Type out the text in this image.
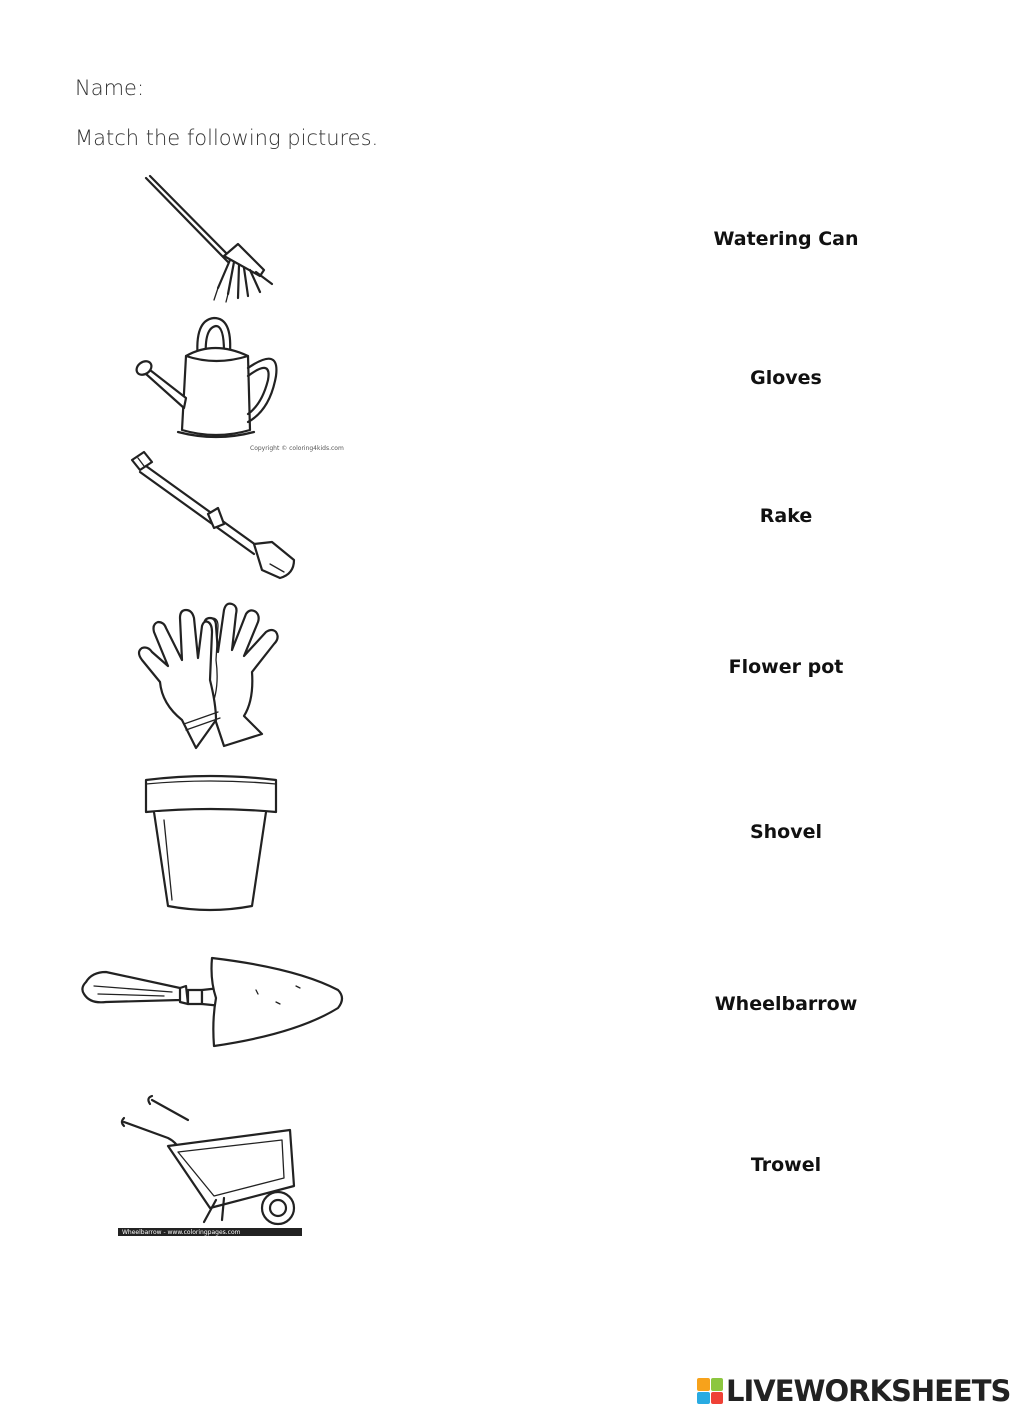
Name:
Match the following pictures.
Copyright © coloring4kids.com
Wheelbarrow - www.coloringpages.com
Watering Can
Gloves
Rake
Flower pot
Shovel
Wheelbarrow
Trowel
LIVEWORKSHEETS
